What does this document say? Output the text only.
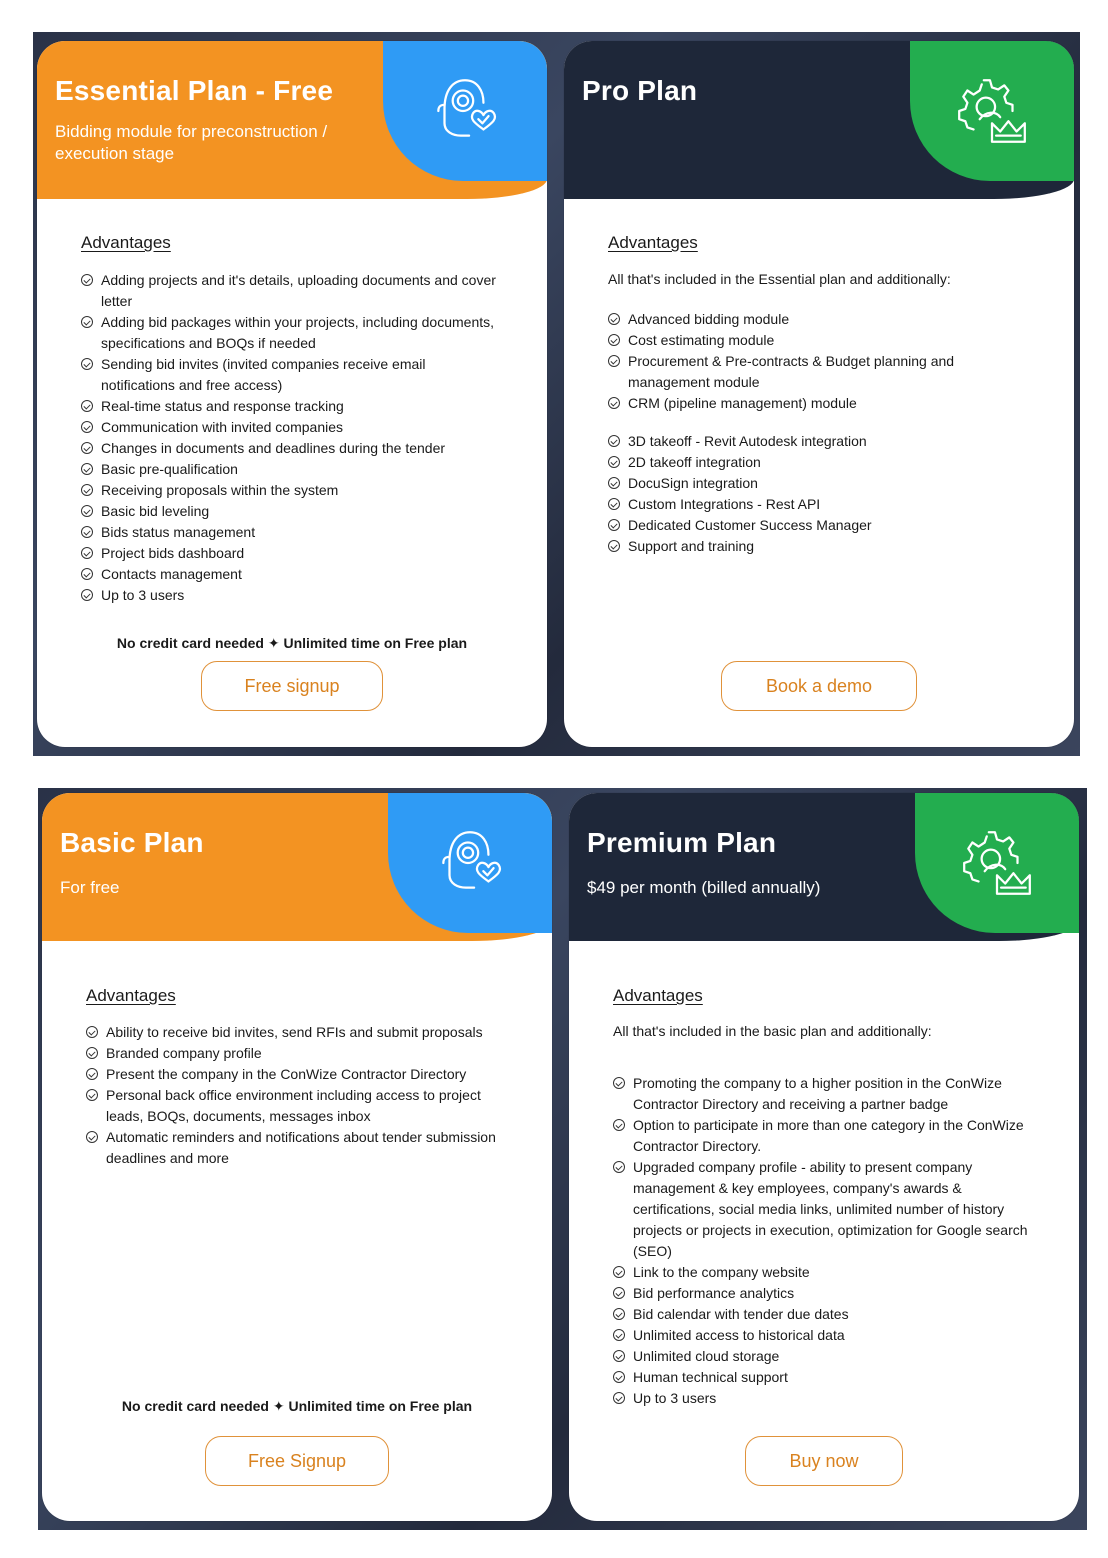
Essential Plan - Free
Bidding module for preconstruction / execution stage
Advantages
Adding projects and it's details, uploading documents and cover letter
Adding bid packages within your projects, including documents, specifications and BOQs if needed
Sending bid invites (invited companies receive email notifications and free access)
Real-time status and response tracking
Communication with invited companies
Changes in documents and deadlines during the tender
Basic pre-qualification
Receiving proposals within the system
Basic bid leveling
Bids status management
Project bids dashboard
Contacts management
Up to 3 users
No credit card needed ✦ Unlimited time on Free plan
Free signup
Pro Plan
Advantages
All that's included in the Essential plan and additionally:
Advanced bidding module
Cost estimating module
Procurement & Pre-contracts & Budget planning and management module
CRM (pipeline management) module
3D takeoff - Revit Autodesk integration
2D takeoff integration
DocuSign integration
Custom Integrations - Rest API
Dedicated Customer Success Manager
Support and training
Book a demo
Basic Plan
For free
Advantages
Ability to receive bid invites, send RFIs and submit proposals
Branded company profile
Present the company in the ConWize Contractor Directory
Personal back office environment including access to project leads, BOQs, documents, messages inbox
Automatic reminders and notifications about tender submission deadlines and more
No credit card needed ✦ Unlimited time on Free plan
Free Signup
Premium Plan
$49 per month (billed annually)
Advantages
All that's included in the basic plan and additionally:
Promoting the company to a higher position in the ConWize Contractor Directory and receiving a partner badge
Option to participate in more than one category in the ConWize Contractor Directory.
Upgraded company profile - ability to present company management & key employees, company's awards & certifications, social media links, unlimited number of history projects or projects in execution, optimization for Google search (SEO)
Link to the company website
Bid performance analytics
Bid calendar with tender due dates
Unlimited access to historical data
Unlimited cloud storage
Human technical support
Up to 3 users
Buy now
